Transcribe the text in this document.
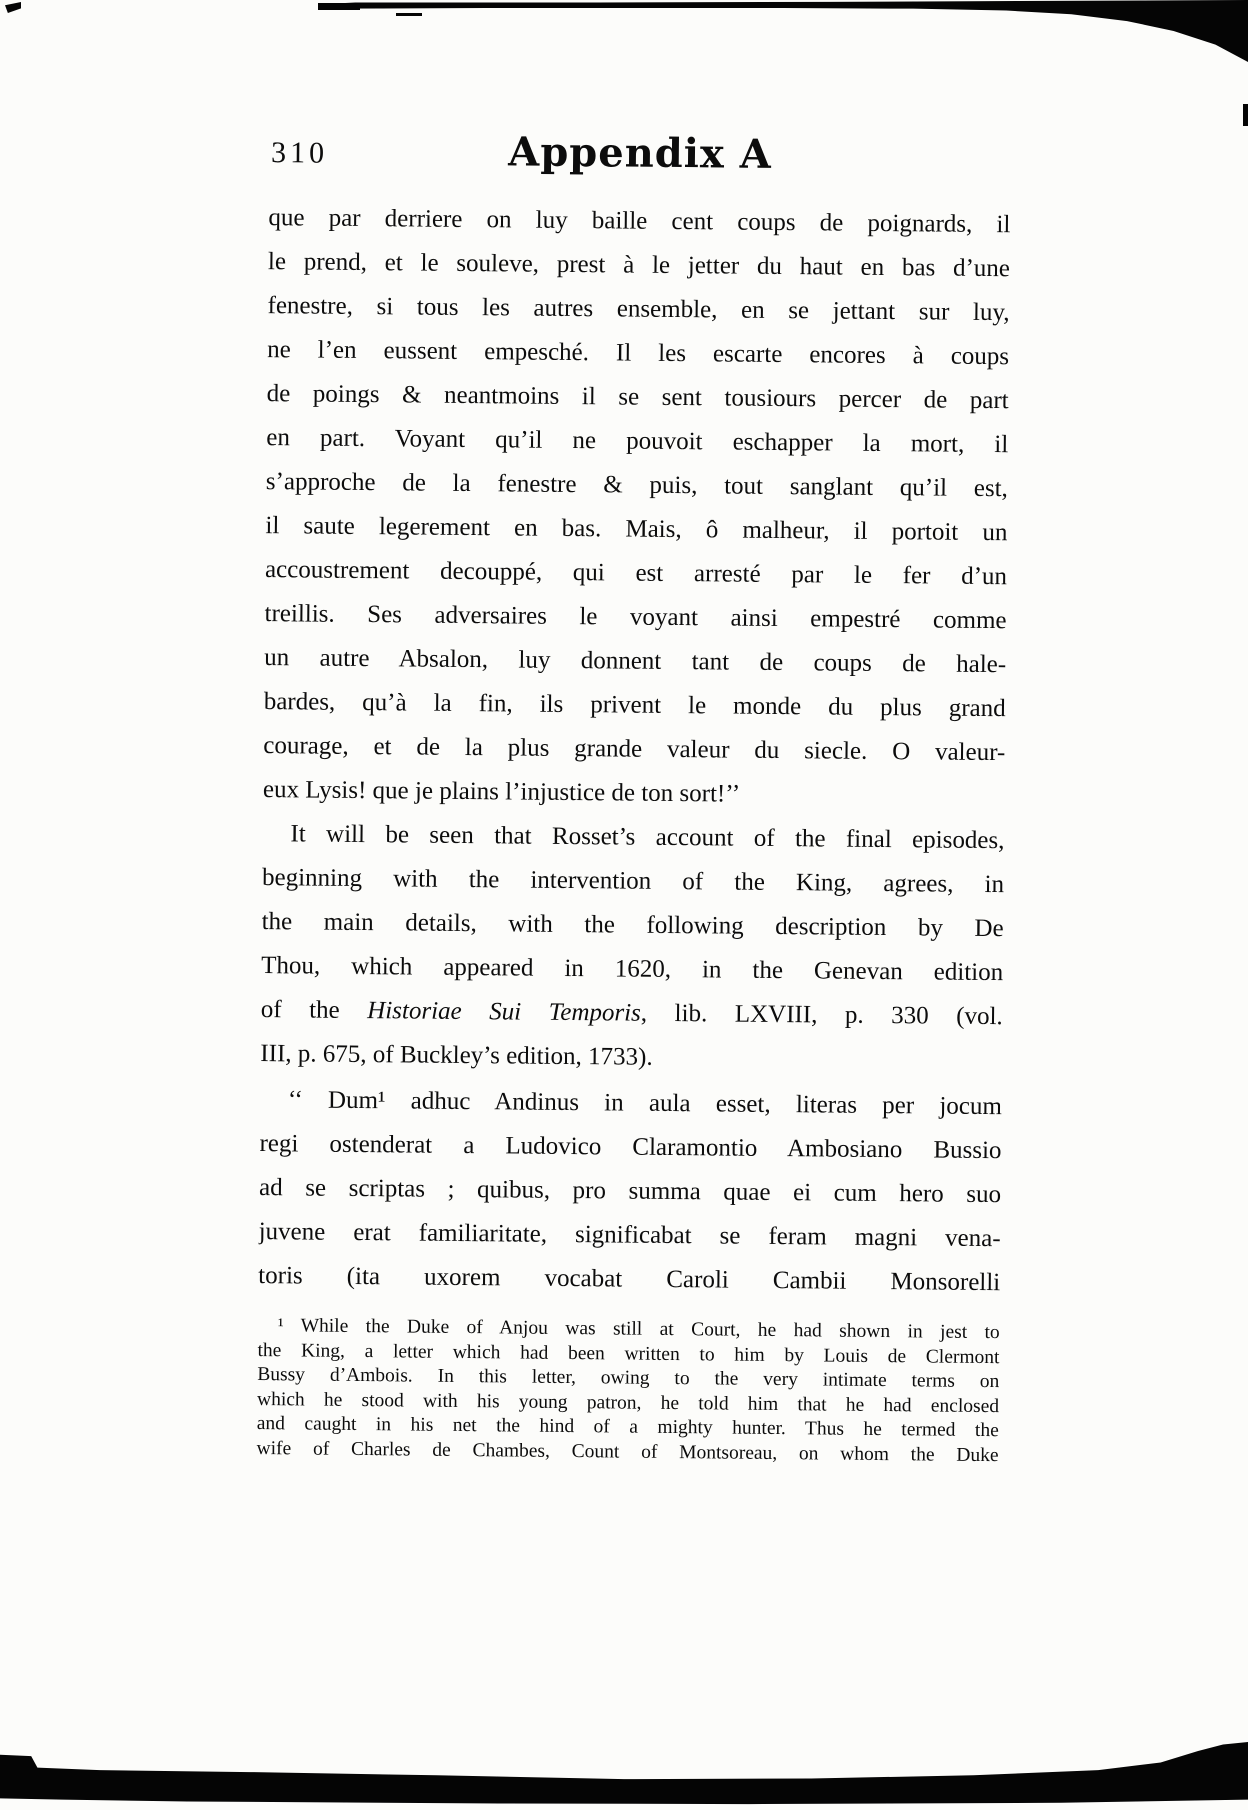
310	Appendix A
que par derriere on luy baille cent coups de poignards, il
le prend, et le souleve, prest à le jetter du haut en bas d’une
fenestre, si tous les autres ensemble, en se jettant sur luy,
ne l’en eussent empesché. Il les escarte encores à coups
de poings & neantmoins il se sent tousiours percer de part
en part. Voyant qu’il ne pouvoit eschapper la mort, il
s’approche de la fenestre & puis, tout sanglant qu’il est,
il saute legerement en bas. Mais, ô malheur, il portoit un
accoustrement decouppé, qui est arresté par le fer d’un
treillis. Ses adversaires le voyant ainsi empestré comme
un autre Absalon, luy donnent tant de coups de hale-
bardes, qu’à la fin, ils privent le monde du plus grand
courage, et de la plus grande valeur du siecle. O valeur-
eux Lysis! que je plains l’injustice de ton sort!’’
It will be seen that Rosset’s account of the final episodes,
beginning with the intervention of the King, agrees, in
the main details, with the following description by De
Thou, which appeared in 1620, in the Genevan edition
of the Historiae Sui Temporis, lib. LXVIII, p. 330 (vol.
III, p. 675, of Buckley’s edition, 1733).
‘‘ Dum¹ adhuc Andinus in aula esset, literas per jocum
regi ostenderat a Ludovico Claramontio Ambosiano Bussio
ad se scriptas ; quibus, pro summa quae ei cum hero suo
juvene erat familiaritate, significabat se feram magni vena-
toris (ita uxorem vocabat Caroli Cambii Monsorelli
¹ While the Duke of Anjou was still at Court, he had shown in jest to
the King, a letter which had been written to him by Louis de Clermont
Bussy d’Ambois. In this letter, owing to the very intimate terms on
which he stood with his young patron, he told him that he had enclosed
and caught in his net the hind of a mighty hunter. Thus he termed the
wife of Charles de Chambes, Count of Montsoreau, on whom the Duke
